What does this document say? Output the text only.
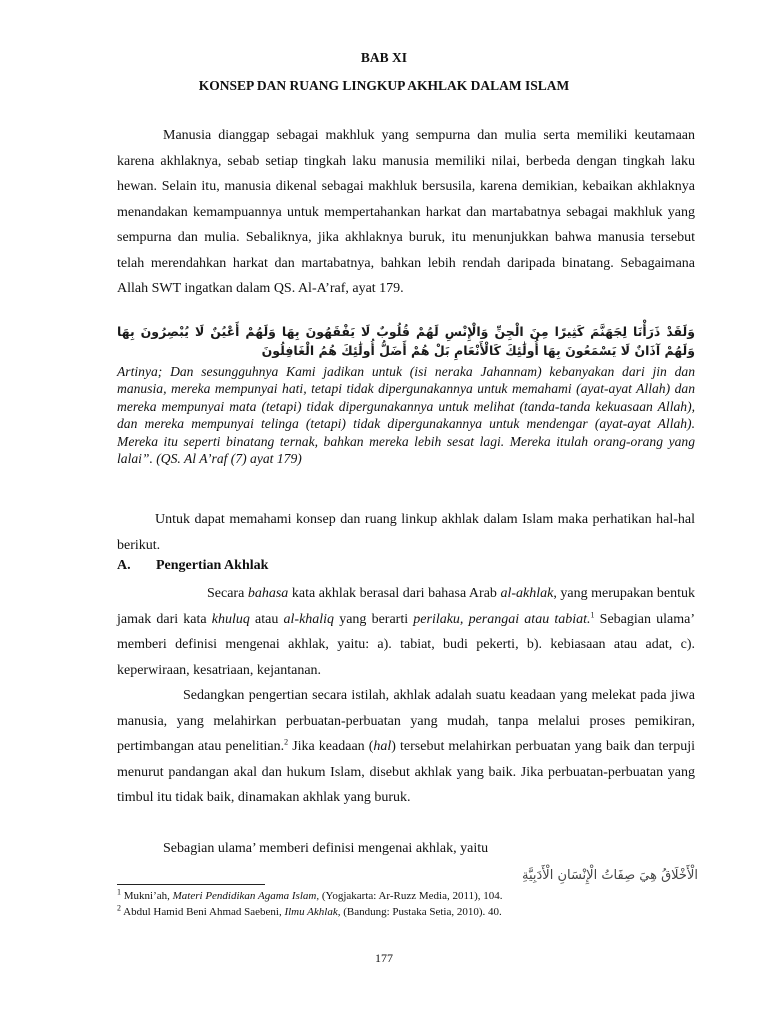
BAB XI
KONSEP DAN RUANG LINGKUP AKHLAK DALAM ISLAM

Manusia dianggap sebagai makhluk yang sempurna dan mulia serta memiliki keutamaan karena akhlaknya, sebab setiap tingkah laku manusia memiliki nilai, berbeda dengan tingkah laku hewan. Selain itu, manusia dikenal sebagai makhluk bersusila, karena demikian, kebaikan akhlaknya menandakan kemampuannya untuk mempertahankan harkat dan martabatnya sebagai makhluk yang sempurna dan mulia. Sebaliknya, jika akhlaknya buruk, itu menunjukkan bahwa manusia tersebut telah merendahkan harkat dan martabatnya, bahkan lebih rendah daripada binatang. Sebagaimana Allah SWT ingatkan dalam QS. Al-A’raf, ayat 179.

وَلَقَدْ ذَرَأْنَا لِجَهَنَّمَ كَثِيرًا مِنَ الْجِنِّ وَالْإِنْسِ لَهُمْ قُلُوبٌ لَا يَفْقَهُونَ بِهَا وَلَهُمْ أَعْيُنٌ لَا يُبْصِرُونَ بِهَا وَلَهُمْ آذَانٌ لَا يَسْمَعُونَ بِهَا أُولَٰئِكَ كَالْأَنْعَامِ بَلْ هُمْ أَضَلُّ أُولَٰئِكَ هُمُ الْغَافِلُونَ
Artinya; Dan sesungguhnya Kami jadikan untuk (isi neraka Jahannam) kebanyakan dari jin dan manusia, mereka mempunyai hati, tetapi tidak dipergunakannya untuk memahami (ayat-ayat Allah) dan mereka mempunyai mata (tetapi) tidak dipergunakannya untuk melihat (tanda-tanda kekuasaan Allah), dan mereka mempunyai telinga (tetapi) tidak dipergunakannya untuk mendengar (ayat-ayat Allah). Mereka itu seperti binatang ternak, bahkan mereka lebih sesat lagi. Mereka itulah orang-orang yang lalai”. (QS. Al A’raf (7) ayat 179)

Untuk dapat memahami konsep dan ruang linkup akhlak dalam Islam maka perhatikan hal-hal berikut.

A. Pengertian Akhlak

Secara bahasa kata akhlak berasal dari bahasa Arab al-akhlak, yang merupakan bentuk jamak dari kata khuluq atau al-khaliq yang berarti perilaku, perangai atau tabiat.$^1$ Sebagian ulama’ memberi definisi mengenai akhlak, yaitu: a). tabiat, budi pekerti, b). kebiasaan atau adat, c). keperwiraan, kesatriaan, kejantanan.

Sedangkan pengertian secara istilah, akhlak adalah suatu keadaan yang melekat pada jiwa manusia, yang melahirkan perbuatan-perbuatan yang mudah, tanpa melalui proses pemikiran, pertimbangan atau penelitian.$^2$ Jika keadaan (hal) tersebut melahirkan perbuatan yang baik dan terpuji menurut pandangan akal dan hukum Islam, disebut akhlak yang baik. Jika perbuatan-perbuatan yang timbul itu tidak baik, dinamakan akhlak yang buruk.

Sebagian ulama’ memberi definisi mengenai akhlak, yaitu

الْأَخْلَاقُ هِيَ صِفَاتُ الْإِنْسَانِ الْأَدَبِيَّةِ
$^1$ Mukni’ah, Materi Pendidikan Agama Islam, (Yogjakarta: Ar-Ruzz Media, 2011), 104.
$^2$ Abdul Hamid Beni Ahmad Saebeni, Ilmu Akhlak, (Bandung: Pustaka Setia, 2010). 40.
177
